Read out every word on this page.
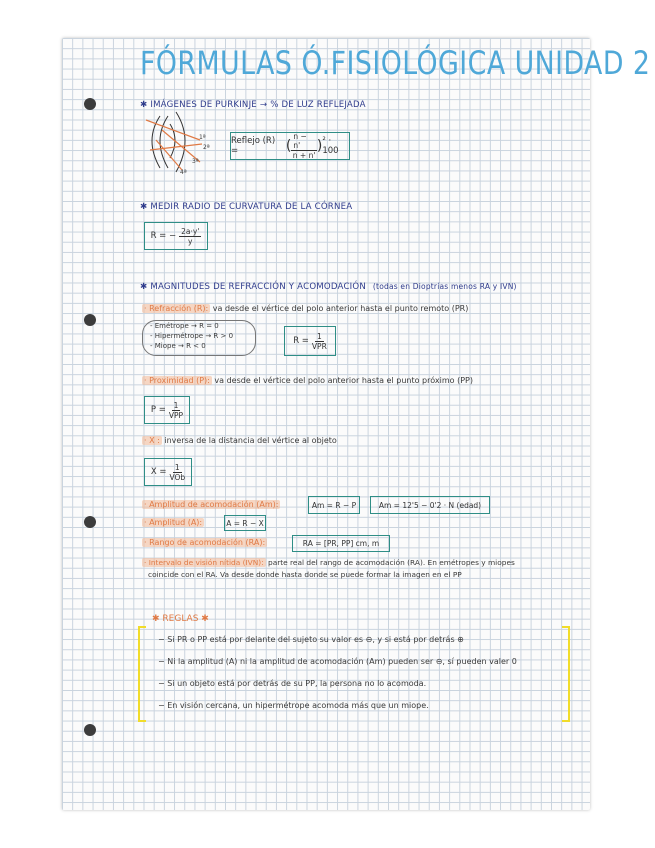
FÓRMULAS Ó.FISIOLÓGICA UNIDAD 2
✱ IMÁGENES DE PURKINJE → % DE LUZ REFLEJADA
1ª
2ª
3ª
4ª
Reflejo (R) =	( $\frac{n - n'}{n + n'}$ ) ² · 100
✱ MEDIR RADIO DE CURVATURA DE LA CÓRNEA
R = − $\frac{2a\cdot y'}{y}$
✱ MAGNITUDES DE REFRACCIÓN Y ACOMODACIÓN (todas en Dioptrías menos RA y IVN)
· Refracción (R): va desde el vértice del polo anterior hasta el punto remoto (PR)
- Emétrope → R = 0
- Hipermétrope → R > 0
- Miope → R < 0	$R = \frac{1}{\text{VPR}}$
· Proximidad (P): va desde el vértice del polo anterior hasta el punto próximo (PP)
$P = \frac{1}{\text{VPP}}$
· X : inversa de la distancia del vértice al objeto
$X = \frac{1}{\text{VOb}}$
· Amplitud de acomodación (Am):	Am = R − P	Am = 12'5 − 0'2 · N (edad)
· Amplitud (A):	A = R − X
· Rango de acomodación (RA):	RA = [PR, PP] cm, m
· Intervalo de visión nítida (IVN): parte real del rango de acomodación (RA). En emétropes y miopes
coincide con el RA. Va desde donde hasta donde se puede formar la imagen en el PP
✱ REGLAS ✱
− Si PR o PP está por delante del sujeto su valor es ⊖, y si está por detrás ⊕
− Ni la amplitud (A) ni la amplitud de acomodación (Am) pueden ser ⊖, sí pueden valer 0
− Si un objeto está por detrás de su PP, la persona no lo acomoda.
− En visión cercana, un hipermétrope acomoda más que un miope.
